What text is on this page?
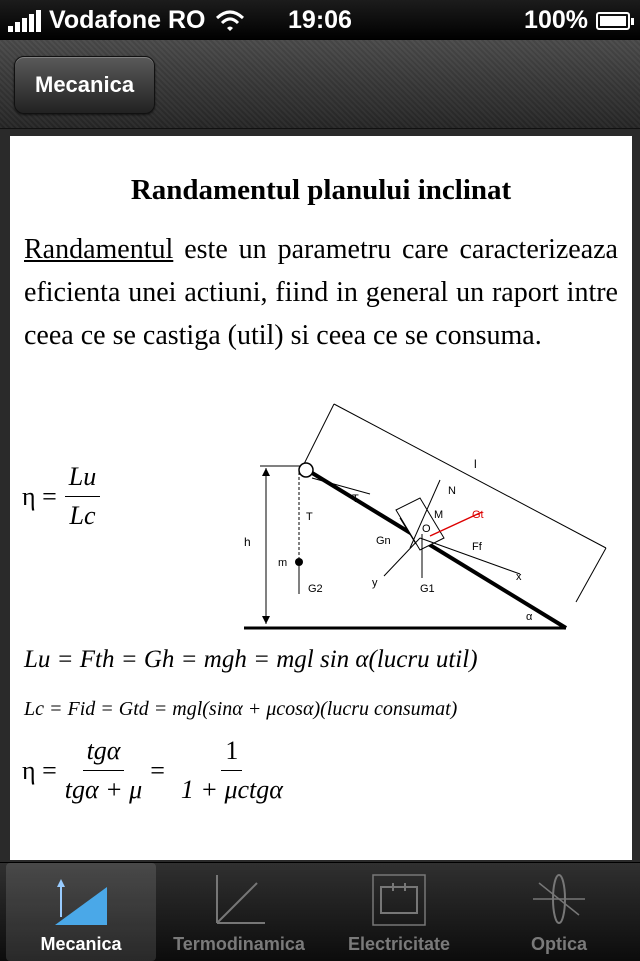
Vodafone RO	19:06	100%
Mecanica
Randamentul planului inclinat
Randamentul este un parametru care caracterizeaza eficienta unei actiuni, fiind in general un raport intre ceea ce se castiga (util) si ceea ce se consuma.
$\eta = \frac{Lu}{Lc}$	l
h
T
T
N
M	Gt
Gn
O
Ff
m
G2	y	G1
x
α
Lu = Fth = Gh = mgh = mgl sin α(lucru util)
Lc = Fid = Gtd = mgl(sinα + μcosα)(lucru consumat)
$\eta = \frac{\text{tgα}}{\text{tgα + μ}} = \frac{1}{\text{1 + μctgα}}$
Mecanica	Termodinamica	Electricitate	Optica
